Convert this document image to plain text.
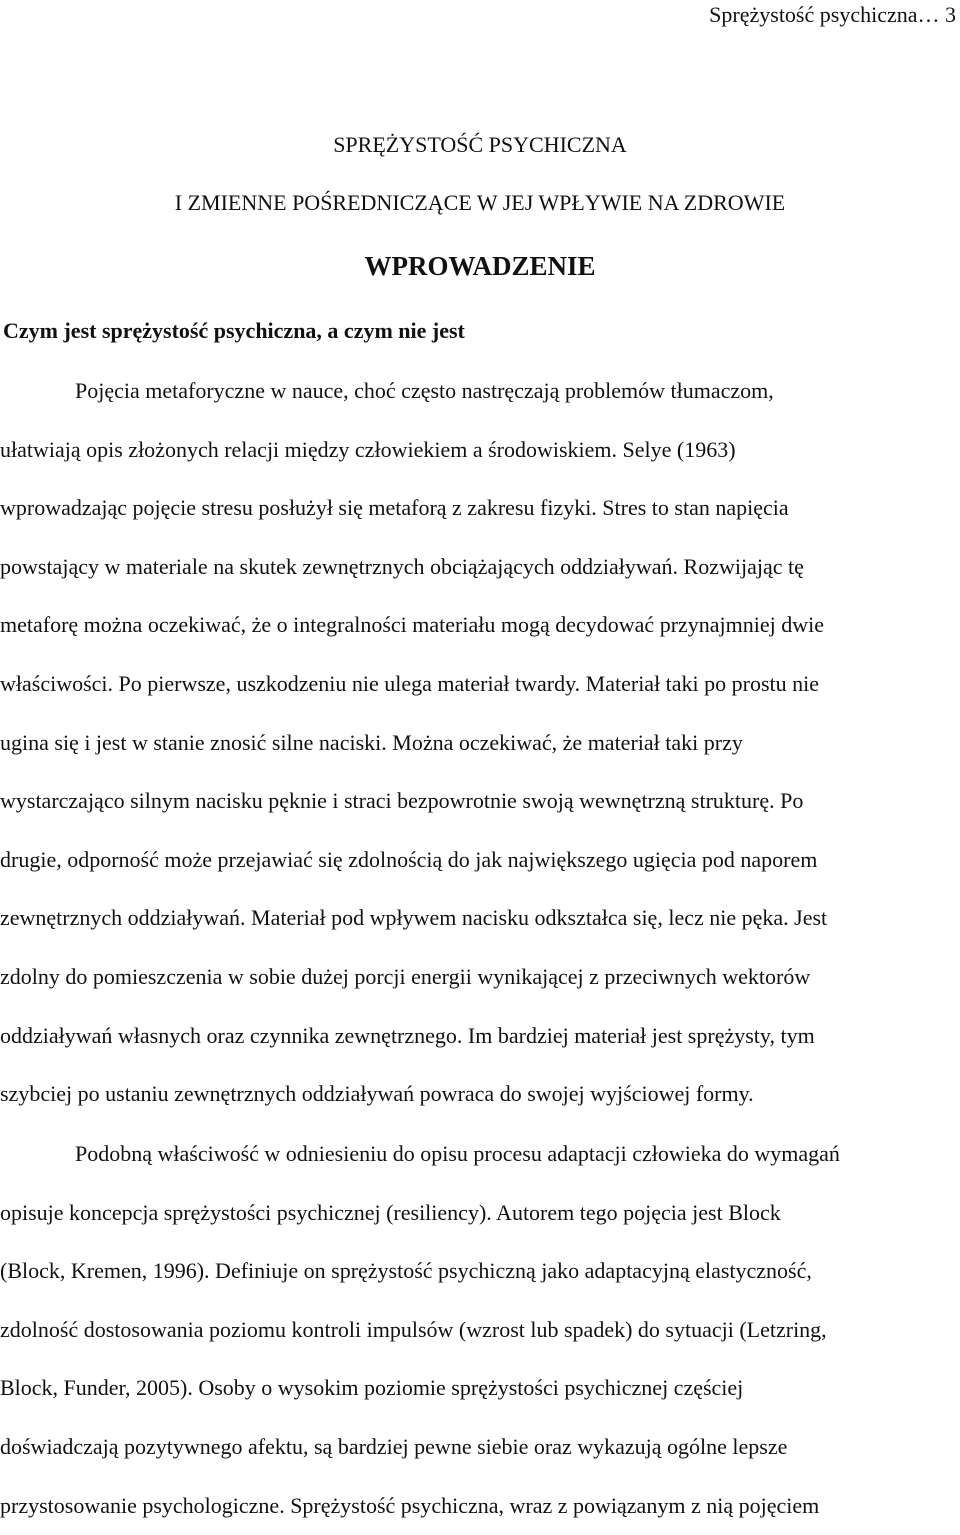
Sprężystość psychiczna… 3
SPRĘŻYSTOŚĆ PSYCHICZNA
I ZMIENNE POŚREDNICZĄCE W JEJ WPŁYWIE NA ZDROWIE
WPROWADZENIE
Czym jest sprężystość psychiczna, a czym nie jest
Pojęcia metaforyczne w nauce, choć często nastręczają problemów tłumaczom,
ułatwiają opis złożonych relacji między człowiekiem a środowiskiem. Selye (1963)
wprowadzając pojęcie stresu posłużył się metaforą z zakresu fizyki. Stres to stan napięcia
powstający w materiale na skutek zewnętrznych obciążających oddziaływań. Rozwijając tę
metaforę można oczekiwać, że o integralności materiału mogą decydować przynajmniej dwie
właściwości. Po pierwsze, uszkodzeniu nie ulega materiał twardy. Materiał taki po prostu nie
ugina się i jest w stanie znosić silne naciski. Można oczekiwać, że materiał taki przy
wystarczająco silnym nacisku pęknie i straci bezpowrotnie swoją wewnętrzną strukturę. Po
drugie, odporność może przejawiać się zdolnością do jak największego ugięcia pod naporem
zewnętrznych oddziaływań. Materiał pod wpływem nacisku odkształca się, lecz nie pęka. Jest
zdolny do pomieszczenia w sobie dużej porcji energii wynikającej z przeciwnych wektorów
oddziaływań własnych oraz czynnika zewnętrznego. Im bardziej materiał jest sprężysty, tym
szybciej po ustaniu zewnętrznych oddziaływań powraca do swojej wyjściowej formy.
Podobną właściwość w odniesieniu do opisu procesu adaptacji człowieka do wymagań
opisuje koncepcja sprężystości psychicznej (resiliency). Autorem tego pojęcia jest Block
(Block, Kremen, 1996). Definiuje on sprężystość psychiczną jako adaptacyjną elastyczność,
zdolność dostosowania poziomu kontroli impulsów (wzrost lub spadek) do sytuacji (Letzring,
Block, Funder, 2005). Osoby o wysokim poziomie sprężystości psychicznej częściej
doświadczają pozytywnego afektu, są bardziej pewne siebie oraz wykazują ogólne lepsze
przystosowanie psychologiczne. Sprężystość psychiczna, wraz z powiązanym z nią pojęciem
